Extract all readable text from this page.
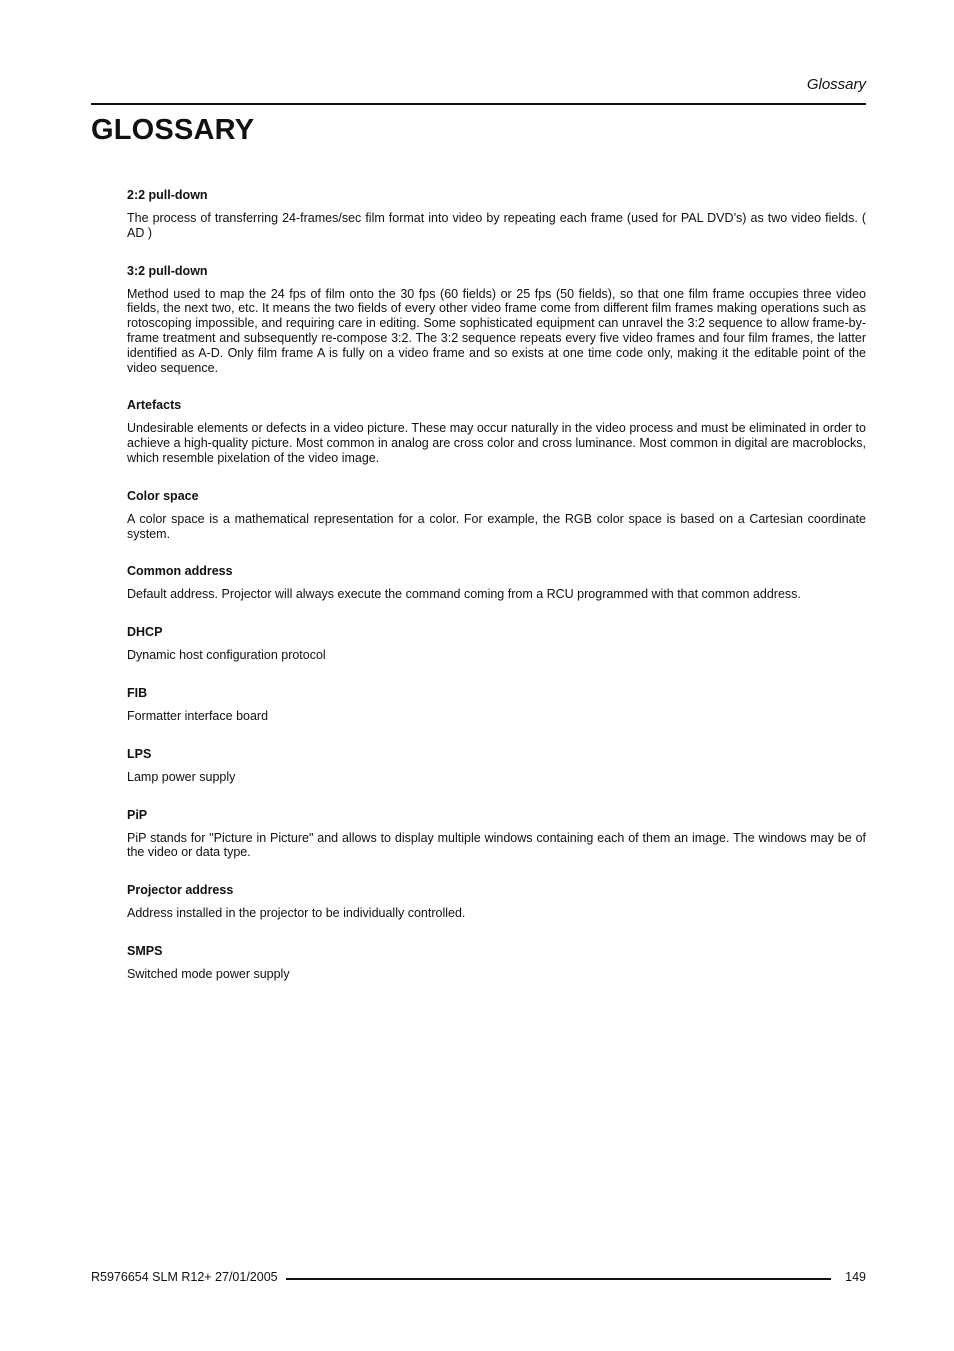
Glossary
GLOSSARY
2:2 pull-down

The process of transferring 24-frames/sec film format into video by repeating each frame (used for PAL DVD’s) as two video fields. ( AD )

3:2 pull-down

Method used to map the 24 fps of film onto the 30 fps (60 fields) or 25 fps (50 fields), so that one film frame occupies three video fields, the next two, etc. It means the two fields of every other video frame come from different film frames making operations such as rotoscoping impossible, and requiring care in editing. Some sophisticated equipment can unravel the 3:2 sequence to allow frame-by-frame treatment and subsequently re-compose 3:2. The 3:2 sequence repeats every five video frames and four film frames, the latter identified as A-D. Only film frame A is fully on a video frame and so exists at one time code only, making it the editable point of the video sequence.

Artefacts

Undesirable elements or defects in a video picture. These may occur naturally in the video process and must be eliminated in order to achieve a high-quality picture. Most common in analog are cross color and cross luminance. Most common in digital are macroblocks, which resemble pixelation of the video image.

Color space

A color space is a mathematical representation for a color. For example, the RGB color space is based on a Cartesian coordinate system.

Common address

Default address. Projector will always execute the command coming from a RCU programmed with that common address.

DHCP

Dynamic host configuration protocol

FIB

Formatter interface board

LPS

Lamp power supply

PiP

PiP stands for "Picture in Picture" and allows to display multiple windows containing each of them an image. The windows may be of the video or data type.

Projector address

Address installed in the projector to be individually controlled.

SMPS

Switched mode power supply

R5976654 SLM R12+ 27/01/2005	149
